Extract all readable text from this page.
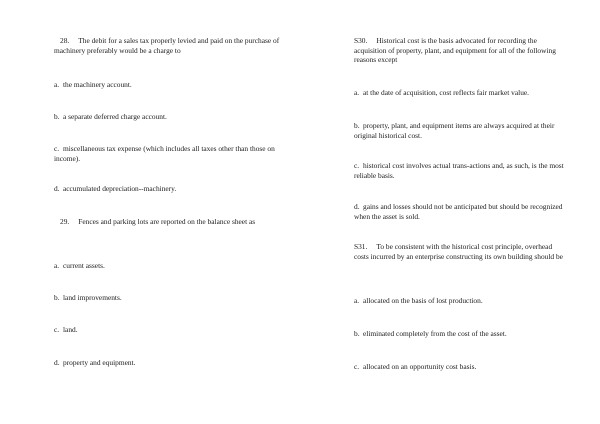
28. The debit for a sales tax properly levied and paid on the purchase of machinery preferably would be a charge to

a. the machinery account.

b. a separate deferred charge account.

c. miscellaneous tax expense (which includes all taxes other than those on income).

d. accumulated depreciation--machinery.

29. Fences and parking lots are reported on the balance sheet as

a. current assets.

b. land improvements.

c. land.

d. property and equipment.

S30. Historical cost is the basis advocated for recording the acquisition of property, plant, and equipment for all of the following reasons except

a. at the date of acquisition, cost reflects fair market value.

b. property, plant, and equipment items are always acquired at their original historical cost.

c. historical cost involves actual trans-actions and, as such, is the most reliable basis.

d. gains and losses should not be anticipated but should be recognized when the asset is sold.

S31. To be consistent with the historical cost principle, overhead costs incurred by an enterprise constructing its own building should be

a. allocated on the basis of lost production.

b. eliminated completely from the cost of the asset.

c. allocated on an opportunity cost basis.
